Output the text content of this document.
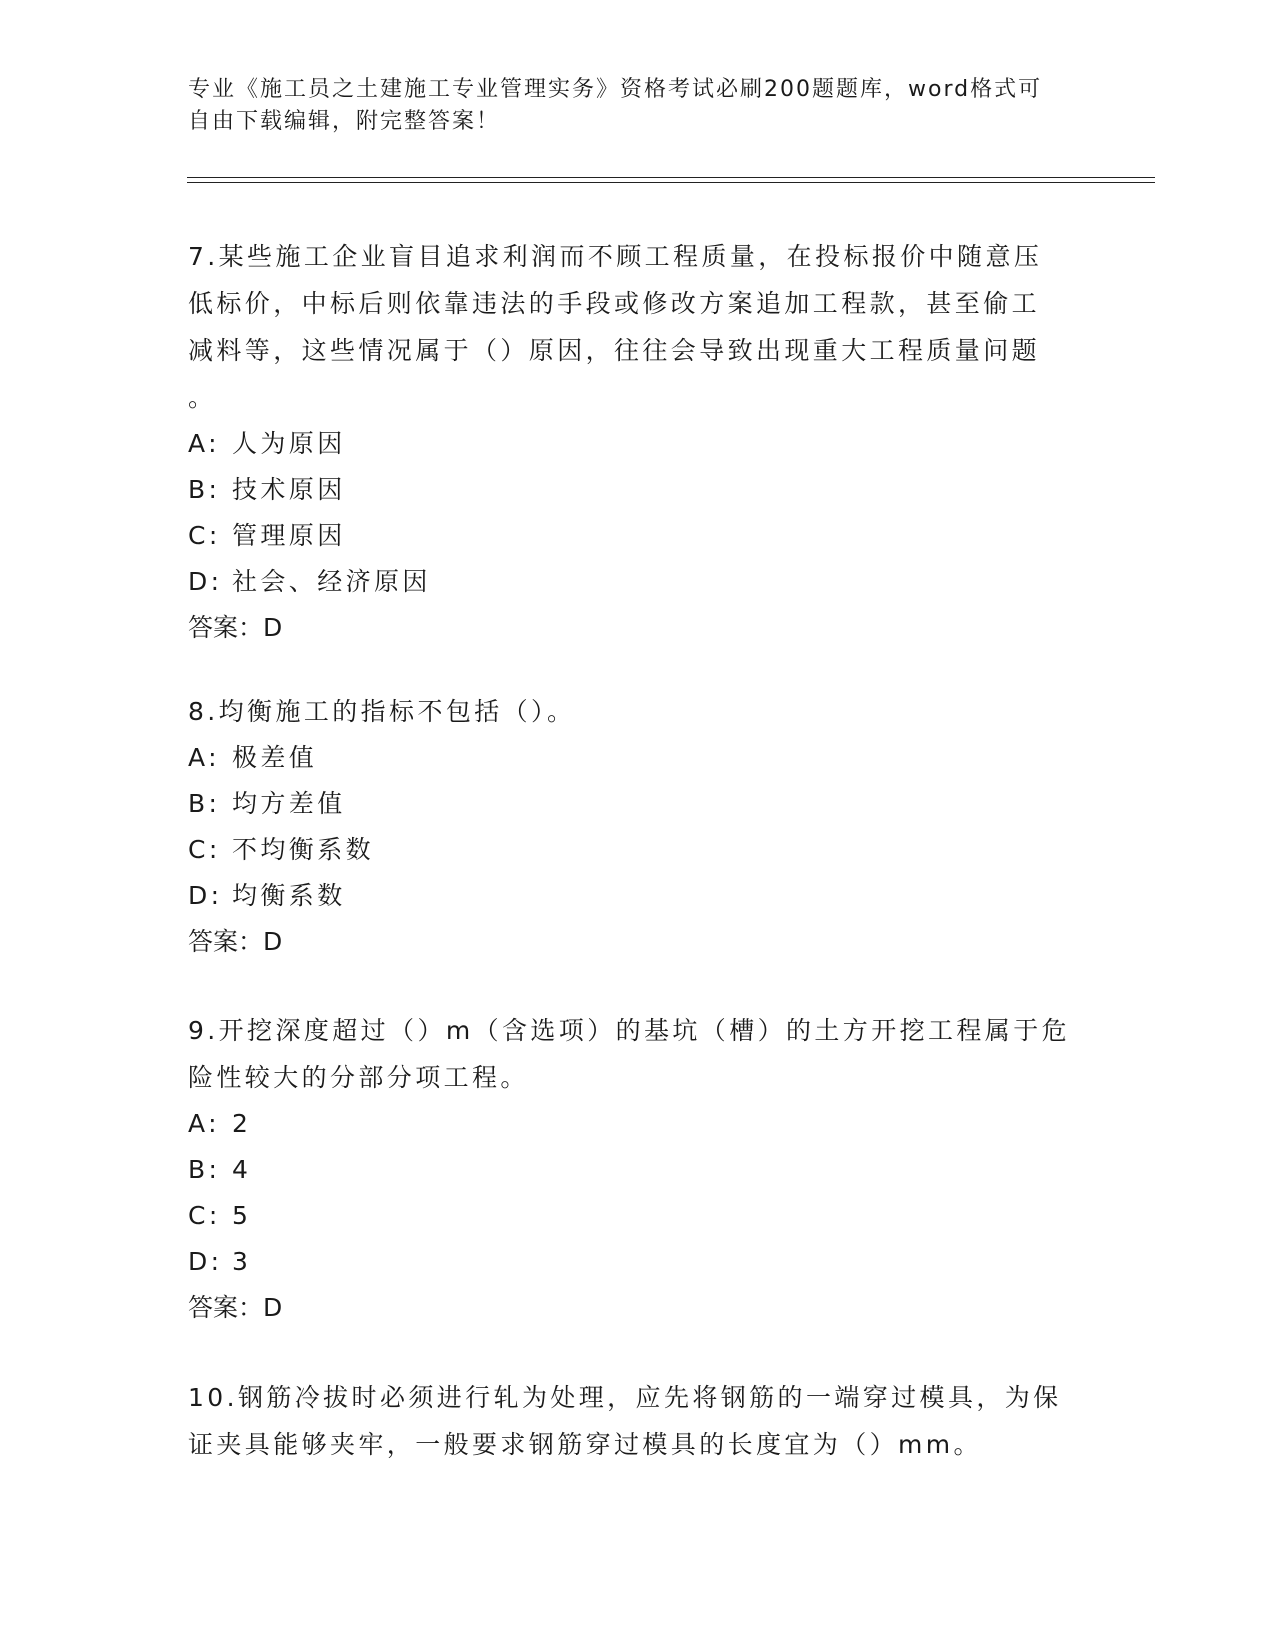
专业《施工员之土建施工专业管理实务》资格考试必刷200题题库，word格式可
自由下载编辑，附完整答案！
7.某些施工企业盲目追求利润而不顾工程质量，在投标报价中随意压
低标价，中标后则依靠违法的手段或修改方案追加工程款，甚至偷工
减料等，这些情况属于（）原因，往往会导致出现重大工程质量问题
。
A: 人为原因
B: 技术原因
C: 管理原因
D: 社会、经济原因
答案：D
8.均衡施工的指标不包括（）。
A: 极差值
B: 均方差值
C: 不均衡系数
D: 均衡系数
答案：D
9.开挖深度超过（）m（含选项）的基坑（槽）的土方开挖工程属于危
险性较大的分部分项工程。
A: 2
B: 4
C: 5
D: 3
答案：D
10.钢筋冷拔时必须进行轧为处理，应先将钢筋的一端穿过模具，为保
证夹具能够夹牢，一般要求钢筋穿过模具的长度宜为（）mm。
